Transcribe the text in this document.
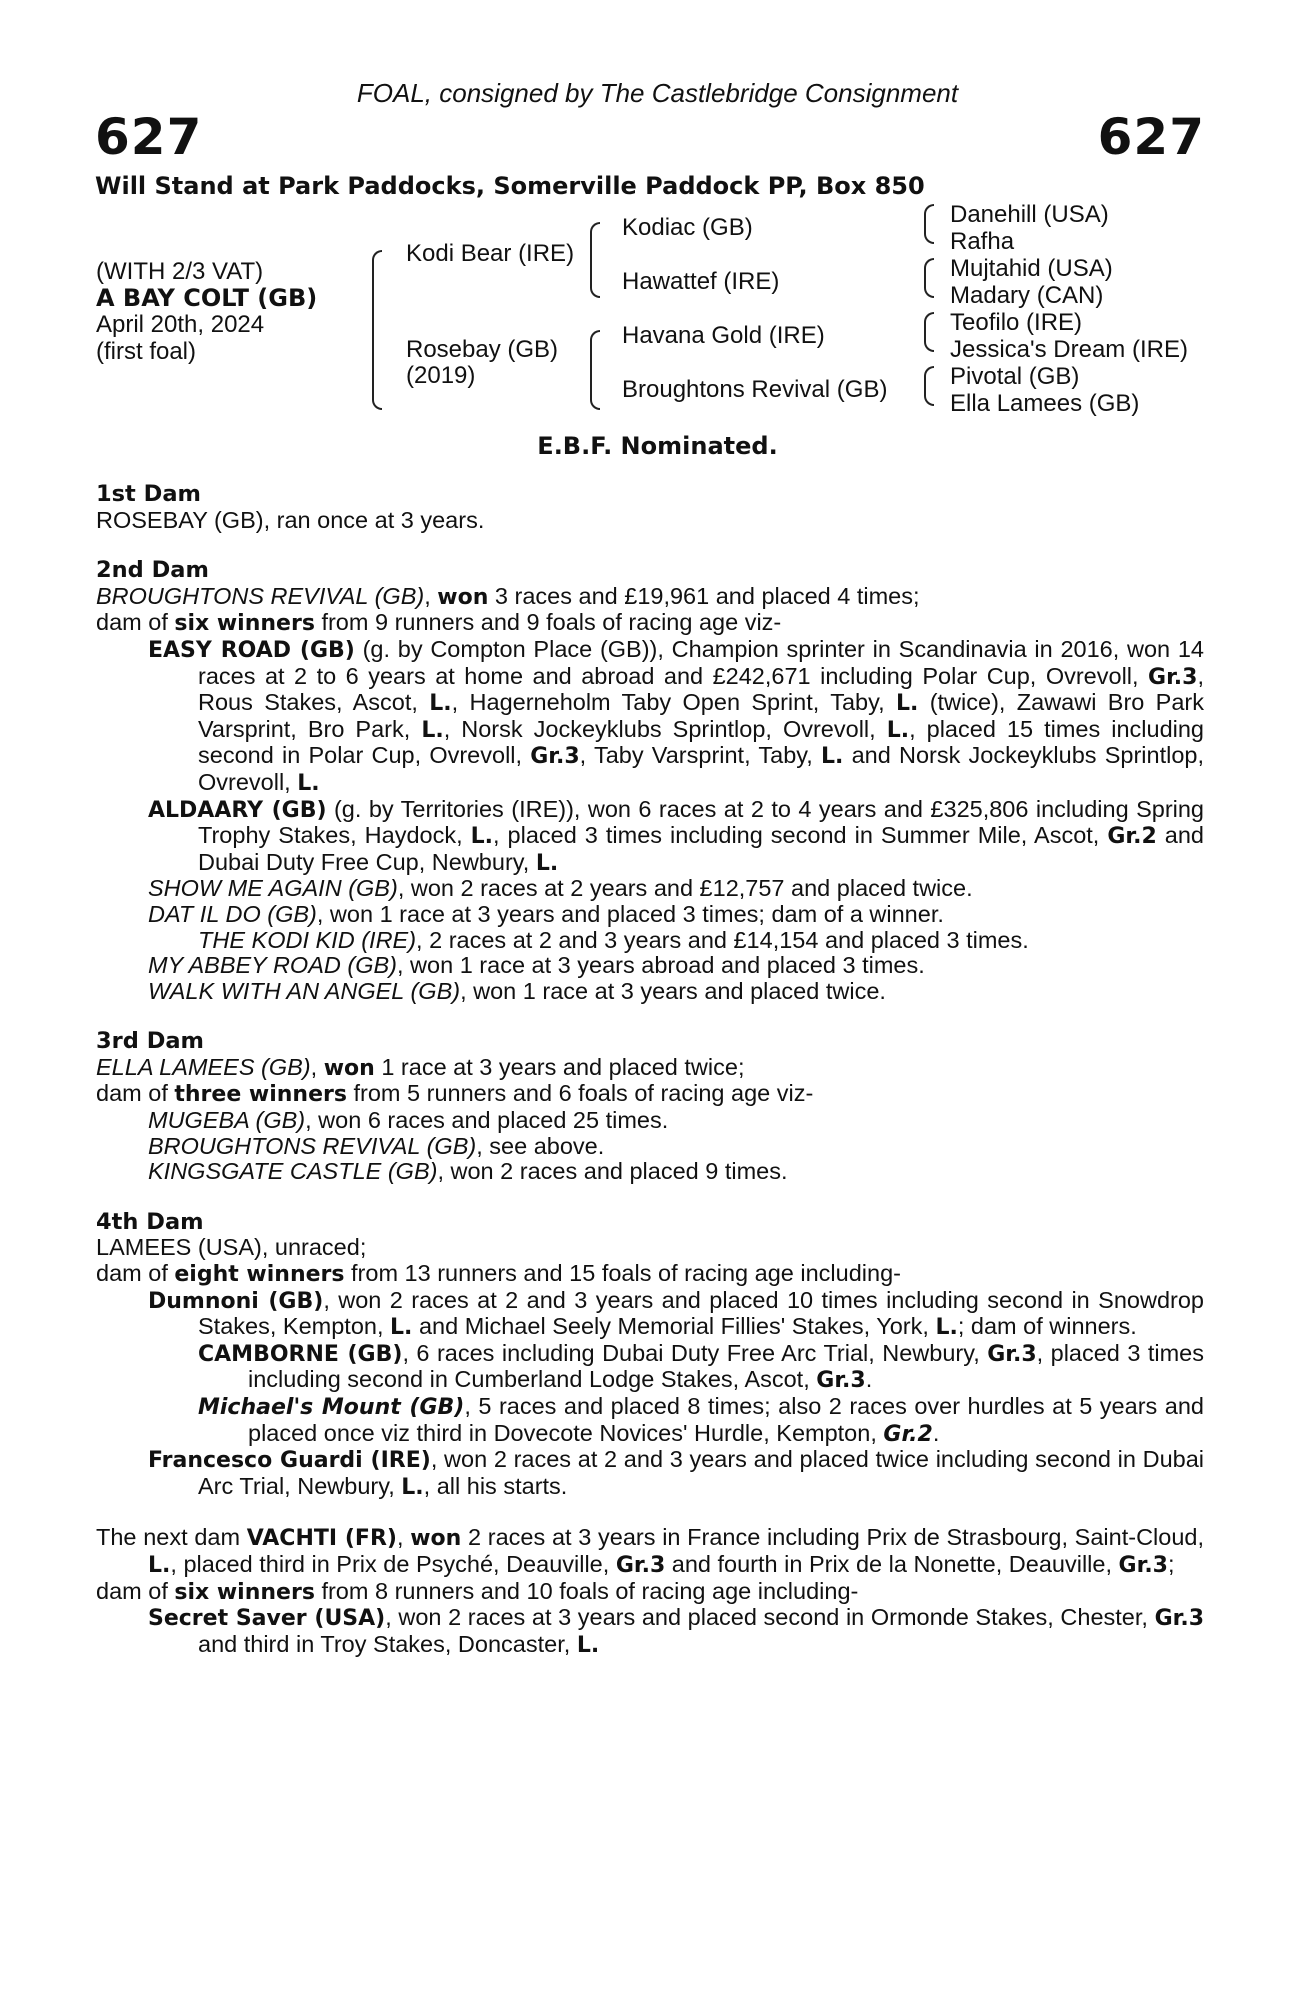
FOAL, consigned by The Castlebridge Consignment
627	627
Will Stand at Park Paddocks, Somerville Paddock PP, Box 850
(WITH 2/3 VAT)
A BAY COLT (GB)
April 20th, 2024
(first foal)
Kodi Bear (IRE)
Rosebay (GB)
(2019)
Kodiac (GB)
Hawattef (IRE)
Havana Gold (IRE)
Broughtons Revival (GB)
Danehill (USA)
Rafha
Mujtahid (USA)
Madary (CAN)
Teofilo (IRE)
Jessica's Dream (IRE)
Pivotal (GB)
Ella Lamees (GB)
E.B.F. Nominated.
1st Dam
ROSEBAY (GB), ran once at 3 years.
2nd Dam
BROUGHTONS REVIVAL (GB), won 3 races and £19,961 and placed 4 times;
dam of six winners from 9 runners and 9 foals of racing age viz-
EASY ROAD (GB) (g. by Compton Place (GB)), Champion sprinter in Scandinavia in 2016, won 14 races at 2 to 6 years at home and abroad and £242,671 including Polar Cup, Ovrevoll, Gr.3, Rous Stakes, Ascot, L., Hagerneholm Taby Open Sprint, Taby, L. (twice), Zawawi Bro Park Varsprint, Bro Park, L., Norsk Jockeyklubs Sprintlop, Ovrevoll, L., placed 15 times including second in Polar Cup, Ovrevoll, Gr.3, Taby Varsprint, Taby, L. and Norsk Jockeyklubs Sprintlop, Ovrevoll, L.
ALDAARY (GB) (g. by Territories (IRE)), won 6 races at 2 to 4 years and £325,806 including Spring Trophy Stakes, Haydock, L., placed 3 times including second in Summer Mile, Ascot, Gr.2 and Dubai Duty Free Cup, Newbury, L.
SHOW ME AGAIN (GB), won 2 races at 2 years and £12,757 and placed twice.
DAT IL DO (GB), won 1 race at 3 years and placed 3 times; dam of a winner.
THE KODI KID (IRE), 2 races at 2 and 3 years and £14,154 and placed 3 times.
MY ABBEY ROAD (GB), won 1 race at 3 years abroad and placed 3 times.
WALK WITH AN ANGEL (GB), won 1 race at 3 years and placed twice.
3rd Dam
ELLA LAMEES (GB), won 1 race at 3 years and placed twice;
dam of three winners from 5 runners and 6 foals of racing age viz-
MUGEBA (GB), won 6 races and placed 25 times.
BROUGHTONS REVIVAL (GB), see above.
KINGSGATE CASTLE (GB), won 2 races and placed 9 times.
4th Dam
LAMEES (USA), unraced;
dam of eight winners from 13 runners and 15 foals of racing age including-
Dumnoni (GB), won 2 races at 2 and 3 years and placed 10 times including second in Snowdrop Stakes, Kempton, L. and Michael Seely Memorial Fillies' Stakes, York, L.; dam of winners.
CAMBORNE (GB), 6 races including Dubai Duty Free Arc Trial, Newbury, Gr.3, placed 3 times including second in Cumberland Lodge Stakes, Ascot, Gr.3.
Michael's Mount (GB), 5 races and placed 8 times; also 2 races over hurdles at 5 years and placed once viz third in Dovecote Novices' Hurdle, Kempton, Gr.2.
Francesco Guardi (IRE), won 2 races at 2 and 3 years and placed twice including second in Dubai Arc Trial, Newbury, L., all his starts.
The next dam VACHTI (FR), won 2 races at 3 years in France including Prix de Strasbourg, Saint-Cloud, L., placed third in Prix de Psyché, Deauville, Gr.3 and fourth in Prix de la Nonette, Deauville, Gr.3;
dam of six winners from 8 runners and 10 foals of racing age including-
Secret Saver (USA), won 2 races at 3 years and placed second in Ormonde Stakes, Chester, Gr.3 and third in Troy Stakes, Doncaster, L.
